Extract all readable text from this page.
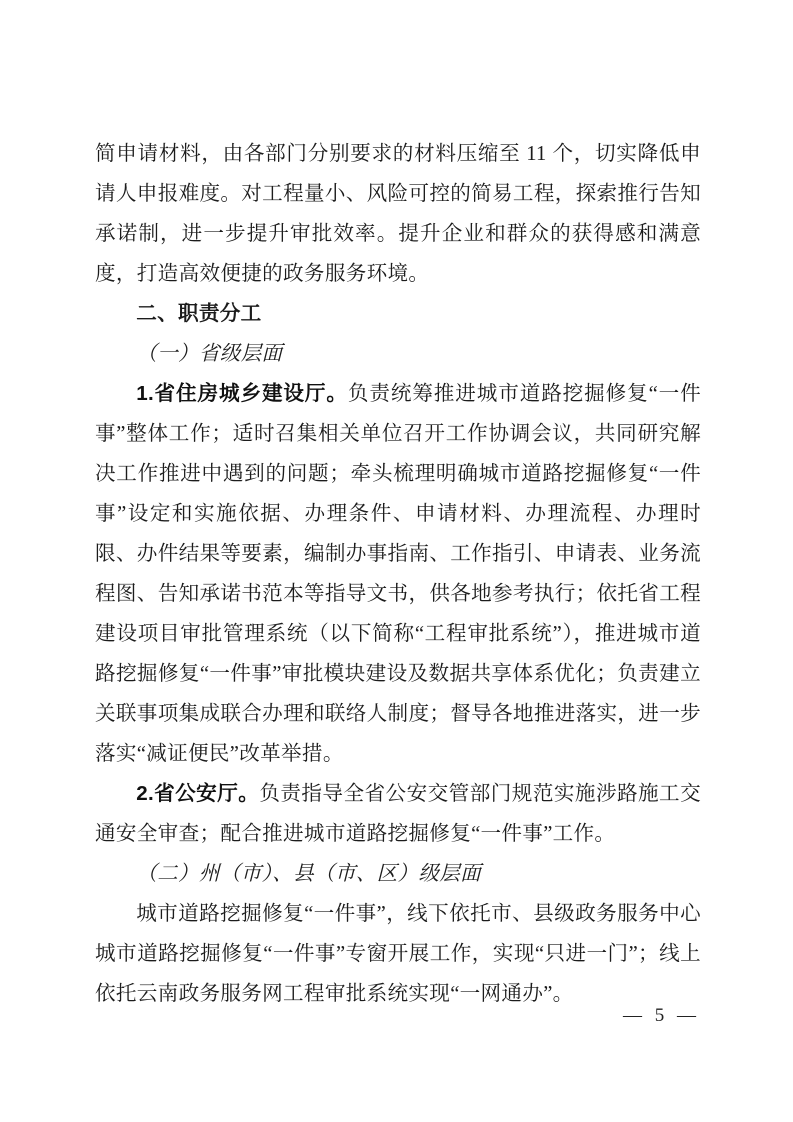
简申请材料，由各部门分别要求的材料压缩至 11 个，切实降低申请人申报难度。对工程量小、风险可控的简易工程，探索推行告知承诺制，进一步提升审批效率。提升企业和群众的获得感和满意度，打造高效便捷的政务服务环境。

二、职责分工

（一）省级层面

1.省住房城乡建设厅。负责统筹推进城市道路挖掘修复“一件事”整体工作；适时召集相关单位召开工作协调会议，共同研究解决工作推进中遇到的问题；牵头梳理明确城市道路挖掘修复“一件事”设定和实施依据、办理条件、申请材料、办理流程、办理时限、办件结果等要素，编制办事指南、工作指引、申请表、业务流程图、告知承诺书范本等指导文书，供各地参考执行；依托省工程建设项目审批管理系统（以下简称“工程审批系统”），推进城市道路挖掘修复“一件事”审批模块建设及数据共享体系优化；负责建立关联事项集成联合办理和联络人制度；督导各地推进落实，进一步落实“减证便民”改革举措。

2.省公安厅。负责指导全省公安交管部门规范实施涉路施工交通安全审查；配合推进城市道路挖掘修复“一件事”工作。

（二）州（市）、县（市、区）级层面

城市道路挖掘修复“一件事”，线下依托市、县级政务服务中心城市道路挖掘修复“一件事”专窗开展工作，实现“只进一门”；线上依托云南政务服务网工程审批系统实现“一网通办”。

— 5 —
